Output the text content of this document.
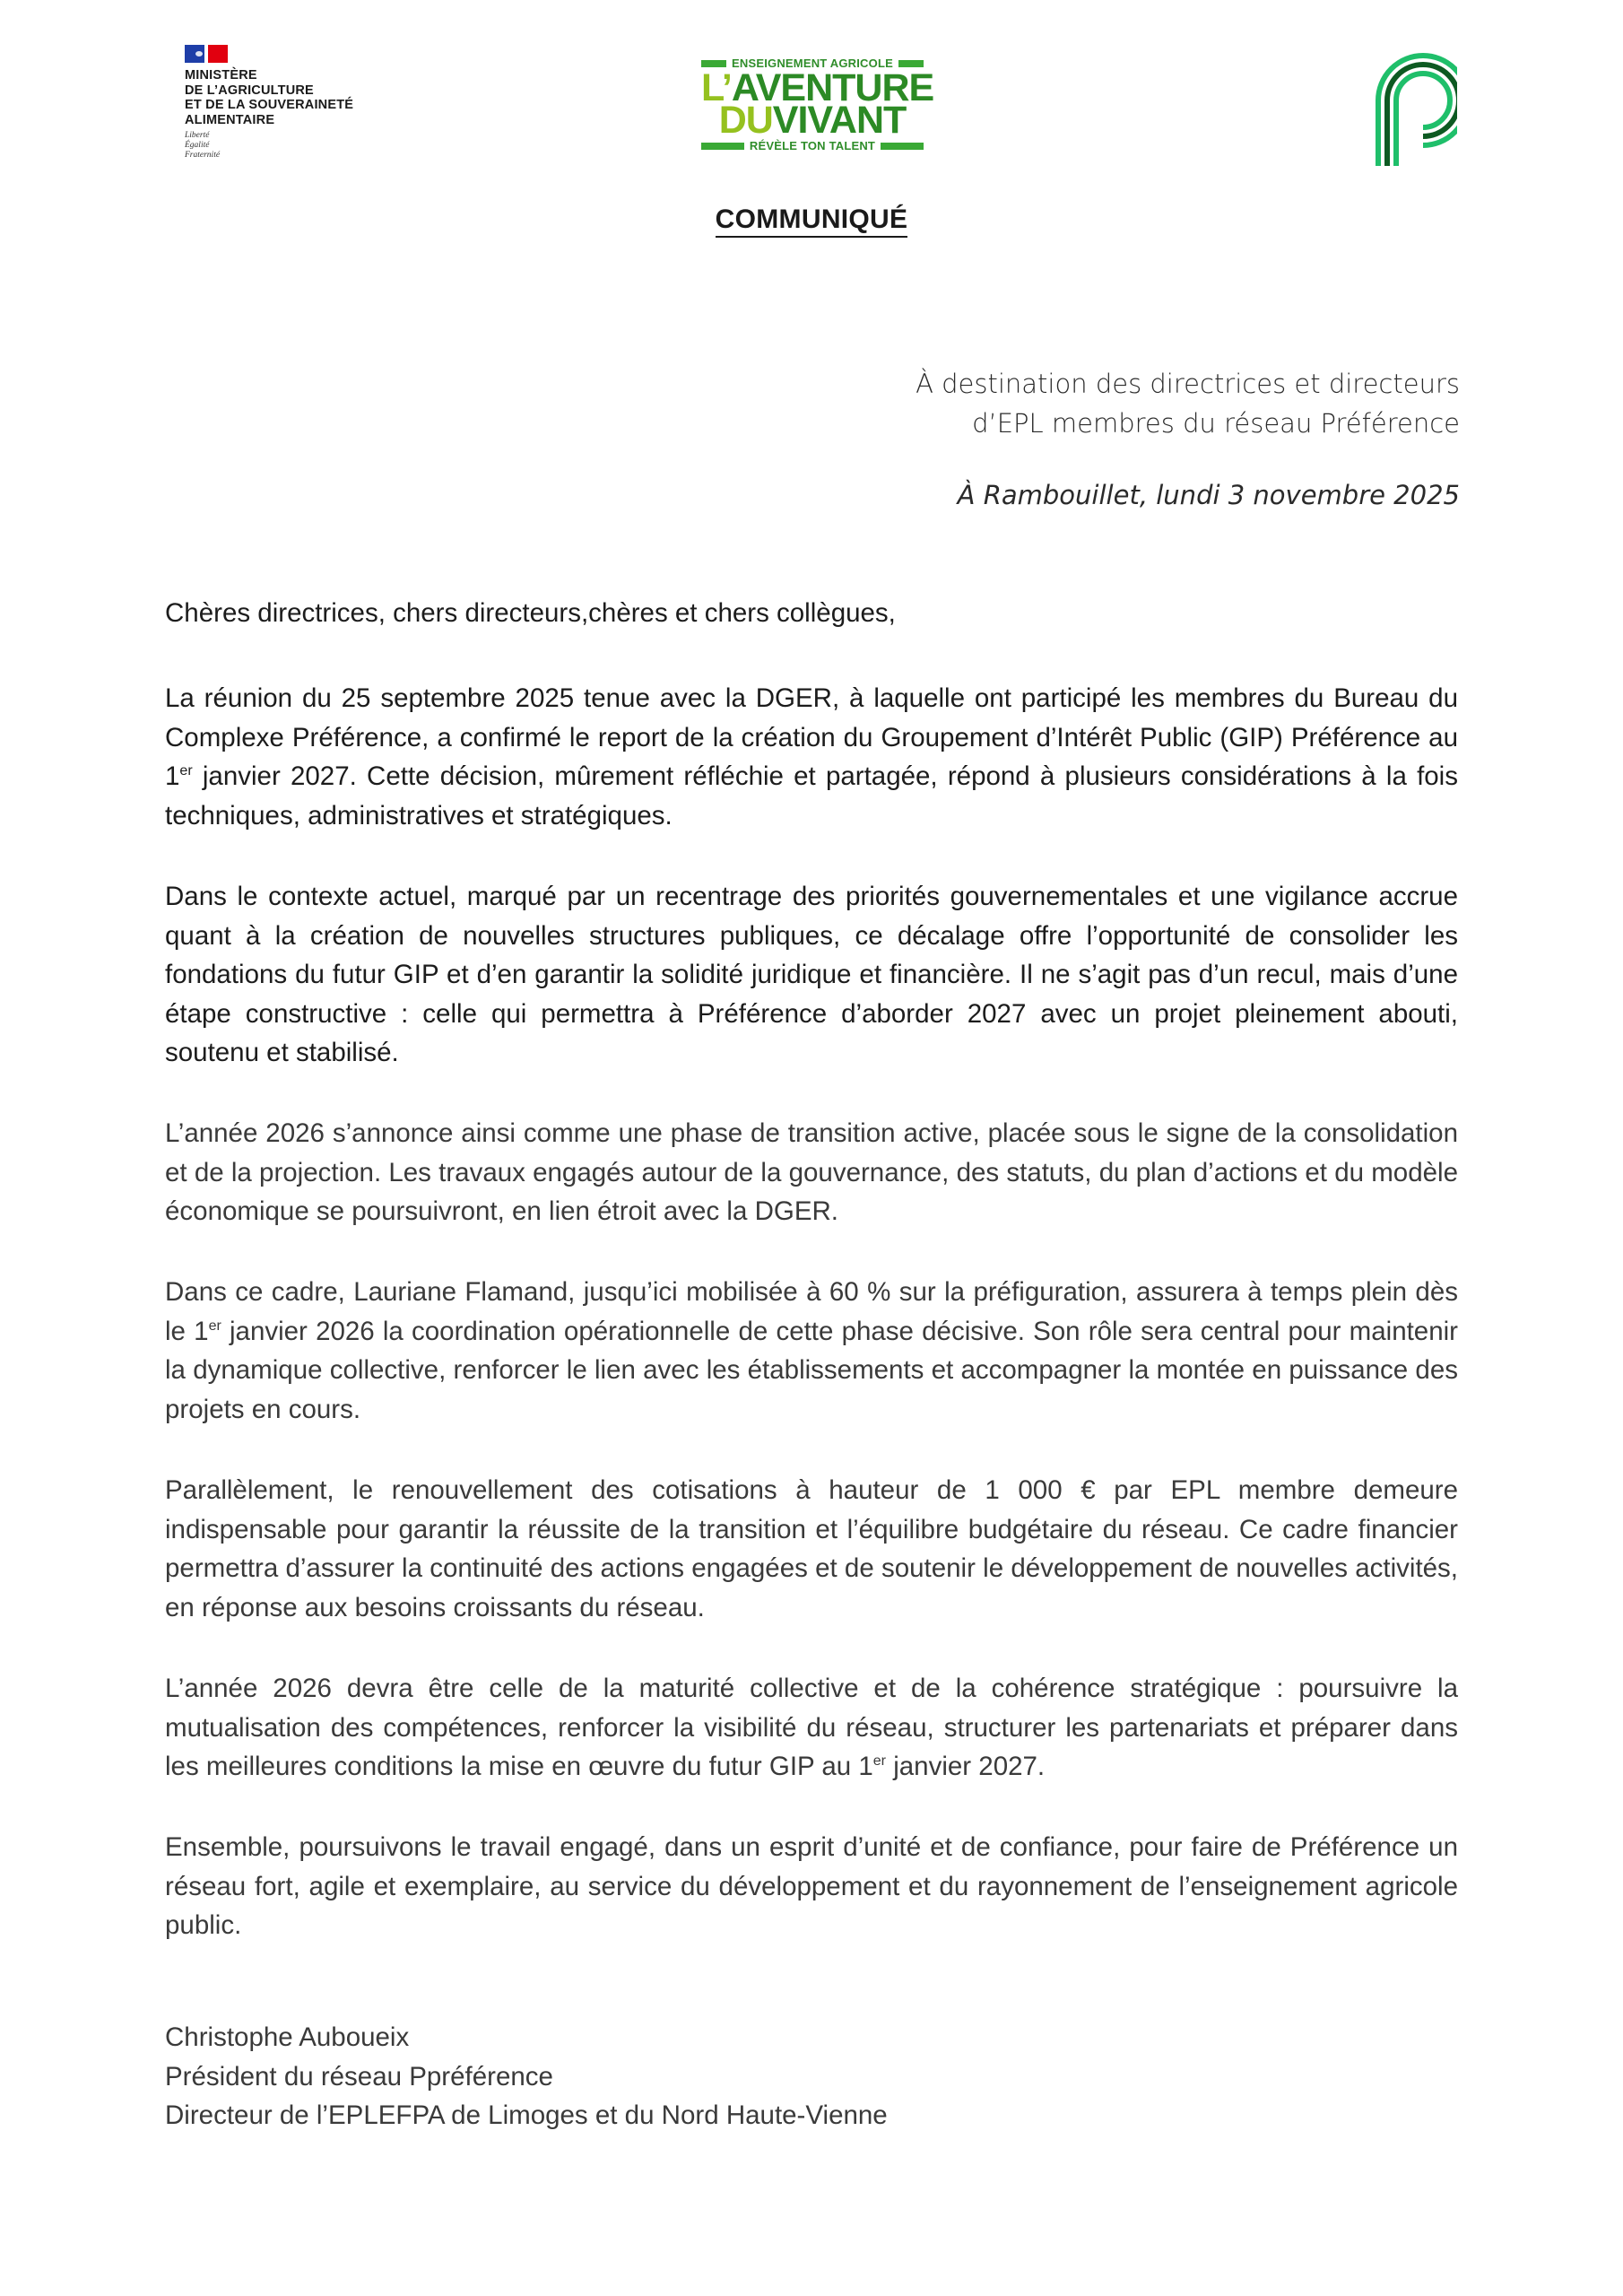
MINISTÈRE
DE L’AGRICULTURE
ET DE LA SOUVERAINETÉ
ALIMENTAIRE
Liberté
Égalité
Fraternité
ENSEIGNEMENT AGRICOLE
L’AVENTURE
DUVIVANT
RÉVÈLE TON TALENT
COMMUNIQUÉ
À destination des directrices et directeurs
d’EPL membres du réseau Préférence
À Rambouillet, lundi 3 novembre 2025
Chères directrices, chers directeurs,chères et chers collègues,

La réunion du 25 septembre 2025 tenue avec la DGER, à laquelle ont participé les membres du Bureau du Complexe Préférence, a confirmé le report de la création du Groupement d’Intérêt Public (GIP) Préférence au 1er janvier 2027. Cette décision, mûrement réfléchie et partagée, répond à plusieurs considérations à la fois techniques, administratives et stratégiques.

Dans le contexte actuel, marqué par un recentrage des priorités gouvernementales et une vigilance accrue quant à la création de nouvelles structures publiques, ce décalage offre l’opportunité de consolider les fondations du futur GIP et d’en garantir la solidité juridique et financière. Il ne s’agit pas d’un recul, mais d’une étape constructive : celle qui permettra à Préférence d’aborder 2027 avec un projet pleinement abouti, soutenu et stabilisé.

L’année 2026 s’annonce ainsi comme une phase de transition active, placée sous le signe de la consolidation et de la projection. Les travaux engagés autour de la gouvernance, des statuts, du plan d’actions et du modèle économique se poursuivront, en lien étroit avec la DGER.

Dans ce cadre, Lauriane Flamand, jusqu’ici mobilisée à 60 % sur la préfiguration, assurera à temps plein dès le 1er janvier 2026 la coordination opérationnelle de cette phase décisive. Son rôle sera central pour maintenir la dynamique collective, renforcer le lien avec les établissements et accompagner la montée en puissance des projets en cours.

Parallèlement, le renouvellement des cotisations à hauteur de 1 000 € par EPL membre demeure indispensable pour garantir la réussite de la transition et l’équilibre budgétaire du réseau. Ce cadre financier permettra d’assurer la continuité des actions engagées et de soutenir le développement de nouvelles activités, en réponse aux besoins croissants du réseau.

L’année 2026 devra être celle de la maturité collective et de la cohérence stratégique : poursuivre la mutualisation des compétences, renforcer la visibilité du réseau, structurer les partenariats et préparer dans les meilleures conditions la mise en œuvre du futur GIP au 1er janvier 2027.

Ensemble, poursuivons le travail engagé, dans un esprit d’unité et de confiance, pour faire de Préférence un réseau fort, agile et exemplaire, au service du développement et du rayonnement de l’enseignement agricole public.

Christophe Auboueix
Président du réseau Ppréférence
Directeur de l’EPLEFPA de Limoges et du Nord Haute-Vienne
